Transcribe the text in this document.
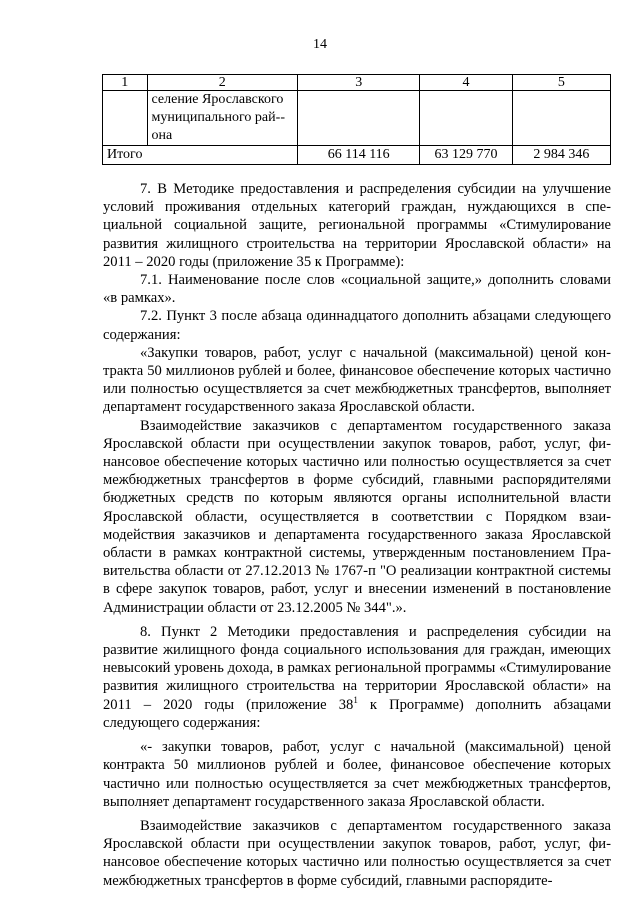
14
1	2	3	4	5
	селение Ярославского муниципального рай-она			
Итого		66 114 116	63 129 770	2 984 346

7. В Методике предоставления и распределения субсидии на улучшение условий проживания отдельных категорий граждан, нуждающихся в специальной социальной защите, региональной программы «Стимулирование развития жилищного строительства на территории Ярославской области» на 2011 – 2020 годы (приложение 35 к Программе):

7.1. Наименование после слов «социальной защите,» дополнить словами «в рамках».

7.2. Пункт 3 после абзаца одиннадцатого дополнить абзацами следующего содержания:

«Закупки товаров, работ, услуг с начальной (максимальной) ценой контракта 50 миллионов рублей и более, финансовое обеспечение которых частично или полностью осуществляется за счет межбюджетных трансфертов, выполняет департамент государственного заказа Ярославской области.

Взаимодействие заказчиков с департаментом государственного заказа Ярославской области при осуществлении закупок товаров, работ, услуг, финансовое обеспечение которых частично или полностью осуществляется за счет межбюджетных трансфертов в форме субсидий, главными распорядителями бюджетных средств по которым являются органы исполнительной власти Ярославской области, осуществляется в соответствии с Порядком взаимодействия заказчиков и департамента государственного заказа Ярославской области в рамках контрактной системы, утвержденным постановлением Правительства области от 27.12.2013 № 1767-п "О реализации контрактной системы в сфере закупок товаров, работ, услуг и внесении изменений в постановление Администрации области от 23.12.2005 № 344".».

8. Пункт 2 Методики предоставления и распределения субсидии на развитие жилищного фонда социального использования для граждан, имеющих невысокий уровень дохода, в рамках региональной программы «Стимулирование развития жилищного строительства на территории Ярославской области» на 2011 – 2020 годы (приложение $38^1$ к Программе) дополнить абзацами следующего содержания:

«- закупки товаров, работ, услуг с начальной (максимальной) ценой контракта 50 миллионов рублей и более, финансовое обеспечение которых частично или полностью осуществляется за счет межбюджетных трансфертов, выполняет департамент государственного заказа Ярославской области.

Взаимодействие заказчиков с департаментом государственного заказа Ярославской области при осуществлении закупок товаров, работ, услуг, финансовое обеспечение которых частично или полностью осуществляется за счет межбюджетных трансфертов в форме субсидий, главными распорядите-
